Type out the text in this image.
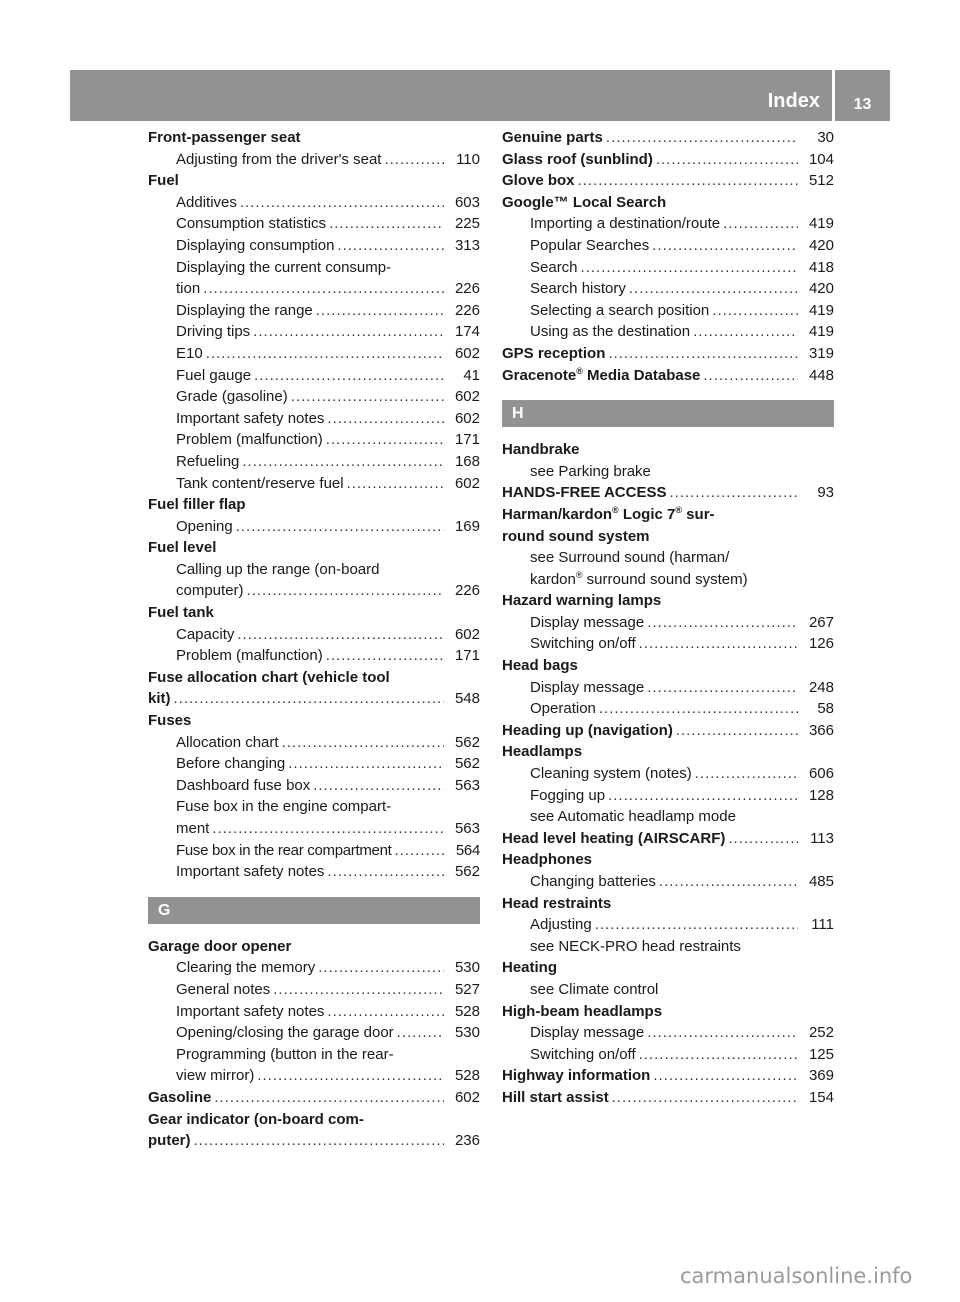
Index	13
Front-passenger seat
Adjusting from the driver's seat .....	110
Fuel
Additives .....	603
Consumption statistics .....	225
Displaying consumption .....	313
Displaying the current consump-
tion .....	226
Displaying the range .....	226
Driving tips .....	174
E10 .....	602
Fuel gauge .....	41
Grade (gasoline) .....	602
Important safety notes .....	602
Problem (malfunction) .....	171
Refueling .....	168
Tank content/reserve fuel .....	602
Fuel filler flap
Opening .....	169
Fuel level
Calling up the range (on-board
computer) .....	226
Fuel tank
Capacity .....	602
Problem (malfunction) .....	171
Fuse allocation chart (vehicle tool
kit) .....	548
Fuses
Allocation chart .....	562
Before changing .....	562
Dashboard fuse box .....	563
Fuse box in the engine compart-
ment .....	563
Fuse box in the rear compartment .....	564
Important safety notes .....	562
G
Garage door opener
Clearing the memory .....	530
General notes .....	527
Important safety notes .....	528
Opening/closing the garage door .....	530
Programming (button in the rear-
view mirror) .....	528
Gasoline .....	602
Gear indicator (on-board com-
puter) .....	236
Genuine parts .....	30
Glass roof (sunblind) .....	104
Glove box .....	512
Google™ Local Search
Importing a destination/route .....	419
Popular Searches .....	420
Search .....	418
Search history .....	420
Selecting a search position .....	419
Using as the destination .....	419
GPS reception .....	319
Gracenote® Media Database .....	448
H
Handbrake
see Parking brake
HANDS-FREE ACCESS .....	93
Harman/kardon® Logic 7® sur-
round sound system
see Surround sound (harman/
kardon® surround sound system)
Hazard warning lamps
Display message .....	267
Switching on/off .....	126
Head bags
Display message .....	248
Operation .....	58
Heading up (navigation) .....	366
Headlamps
Cleaning system (notes) .....	606
Fogging up .....	128
see Automatic headlamp mode
Head level heating (AIRSCARF) .....	113
Headphones
Changing batteries .....	485
Head restraints
Adjusting .....	111
see NECK-PRO head restraints
Heating
see Climate control
High-beam headlamps
Display message .....	252
Switching on/off .....	125
Highway information .....	369
Hill start assist .....	154
carmanualsonline.info
